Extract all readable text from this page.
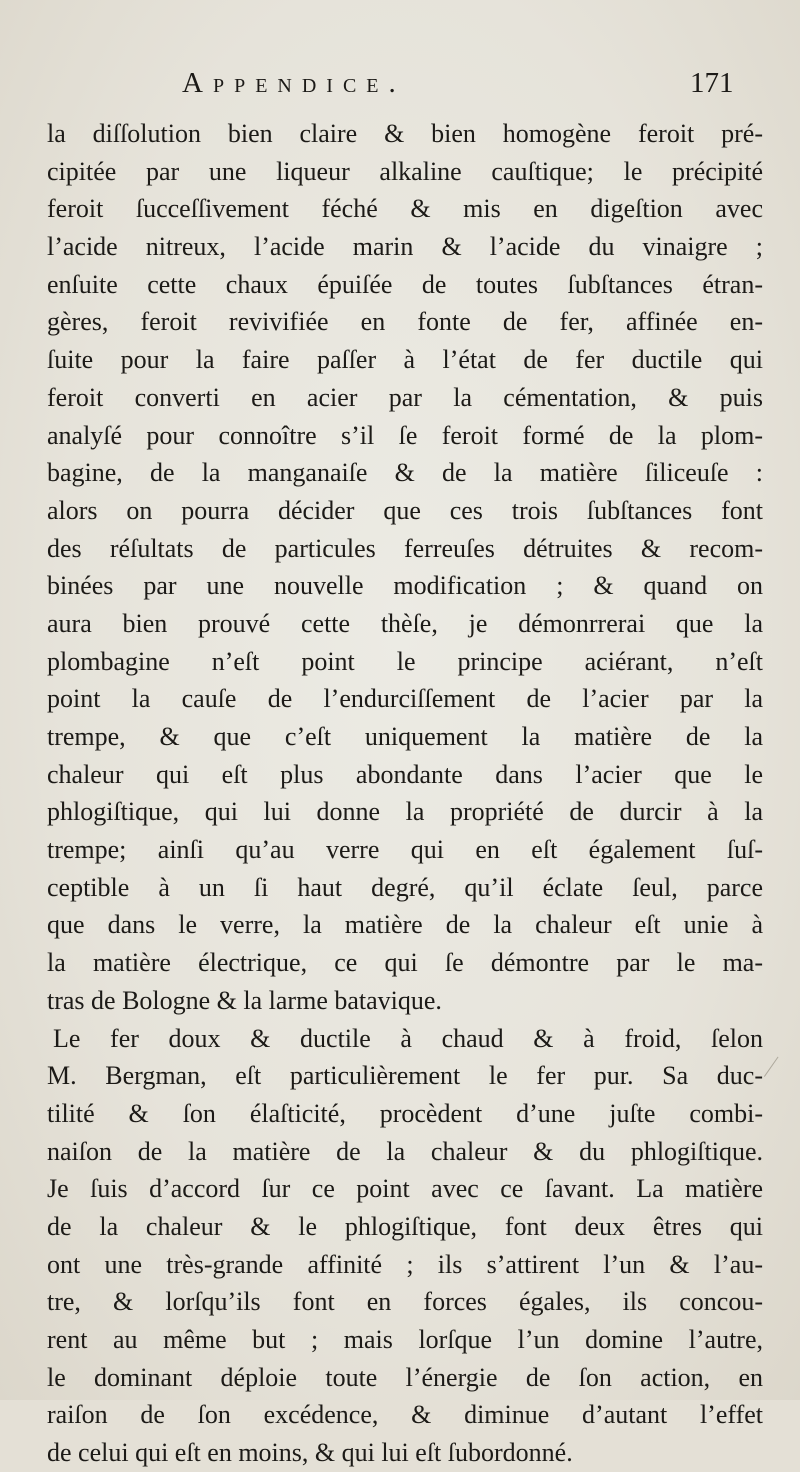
Appendice.	171
la diſſolution bien claire & bien homogène feroit pré-
cipitée par une liqueur alkaline cauſtique; le précipité
feroit ſucceſſivement féché & mis en digeſtion avec
l’acide nitreux, l’acide marin & l’acide du vinaigre ;
enſuite cette chaux épuiſée de toutes ſubſtances étran-
gères, feroit revivifiée en fonte de fer, affinée en-
ſuite pour la faire paſſer à l’état de fer ductile qui
feroit converti en acier par la cémentation, & puis
analyſé pour connoître s’il ſe feroit formé de la plom-
bagine, de la manganaiſe & de la matière ſiliceuſe :
alors on pourra décider que ces trois ſubſtances font
des réſultats de particules ferreuſes détruites & recom-
binées par une nouvelle modification ; & quand on
aura bien prouvé cette thèſe, je démonrrerai que la
plombagine n’eſt point le principe aciérant, n’eſt
point la cauſe de l’endurciſſement de l’acier par la
trempe, & que c’eſt uniquement la matière de la
chaleur qui eſt plus abondante dans l’acier que le
phlogiſtique, qui lui donne la propriété de durcir à la
trempe; ainſi qu’au verre qui en eſt également ſuſ-
ceptible à un ſi haut degré, qu’il éclate ſeul, parce
que dans le verre, la matière de la chaleur eſt unie à
la matière électrique, ce qui ſe démontre par le ma-
tras de Bologne & la larme batavique.
Le fer doux & ductile à chaud & à froid, ſelon
M. Bergman, eſt particulièrement le fer pur. Sa duc-
tilité & ſon élaſticité, procèdent d’une juſte combi-
naiſon de la matière de la chaleur & du phlogiſtique.
Je ſuis d’accord ſur ce point avec ce ſavant. La matière
de la chaleur & le phlogiſtique, font deux êtres qui
ont une très-grande affinité ; ils s’attirent l’un & l’au-
tre, & lorſqu’ils font en forces égales, ils concou-
rent au même but ; mais lorſque l’un domine l’autre,
le dominant déploie toute l’énergie de ſon action, en
raiſon de ſon excédence, & diminue d’autant l’effet
de celui qui eſt en moins, & qui lui eſt ſubordonné.
